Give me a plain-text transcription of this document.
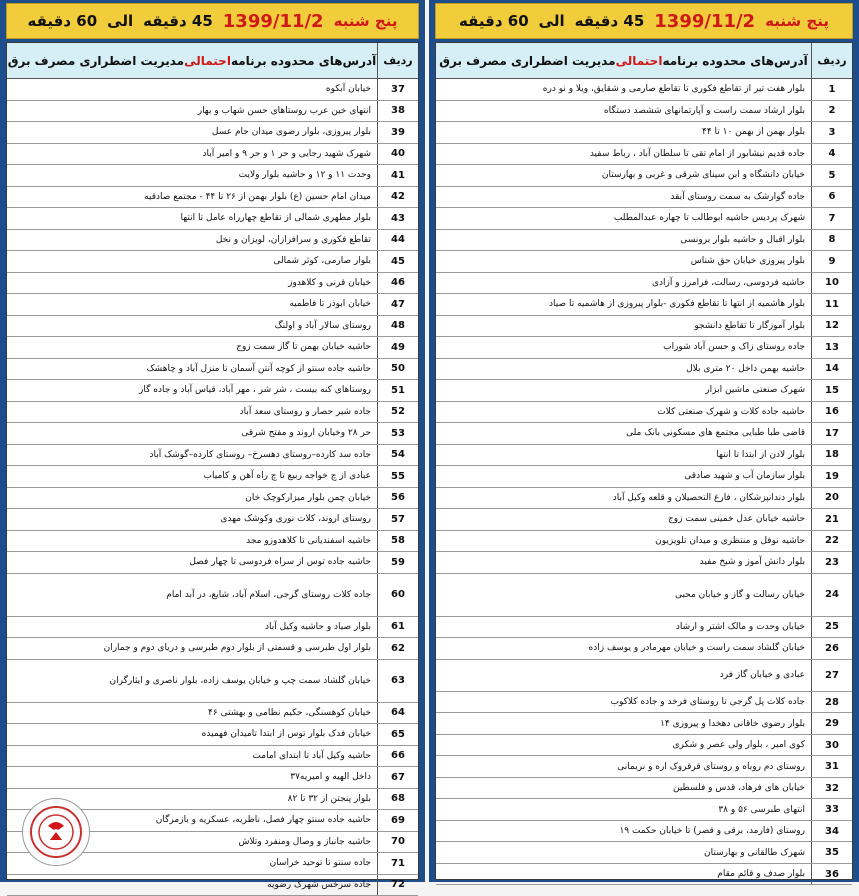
پنج شنبه
1399/11/2
45 دقیقه
الی
60 دقیقه
ردیف
آدرس‌های محدوده برنامه
احتمالی
مدیریت اضطراری مصرف برق
1
بلوار هفت تیر از تقاطع فکوری تا تقاطع صارمی و شقایق، ویلا و نو دره
2
بلوار ارشاد سمت راست و آپارتمانهای ششصد دستگاه
3
بلوار بهمن از بهمن ۱۰ تا ۴۴
4
جاده قدیم نیشابور از امام تقی تا سلطان آباد ، رباط سفید
5
خیابان دانشگاه و ابن سینای شرقی و غربی و بهارستان
6
جاده گوارشک به سمت روستای آبقد
7
شهرک پردیس حاشیه ابوطالب تا چهاره عبدالمطلب
8
بلوار اقبال و حاشیه بلوار برونسی
9
بلوار پیروزی خیابان حق شناس
10
حاشیه فردوسی، رسالت، فرامرز و آزادی
11
بلوار هاشمیه از انتها تا تقاطع فکوری -بلوار پیروزی از هاشمیه تا صیاد
12
بلوار آموزگار تا تقاطع دانشجو
13
جاده روستای زاک و حسن آباد شوراب
14
حاشیه بهمن داخل ۲۰ متری بلال
15
شهرک صنعتی ماشین ابزار
16
حاشیه جاده کلات و شهرک صنعتی کلات
17
قاضی طبا طبایی مجتمع های مسکونی بانک ملی
18
بلوار لادن از ابتدا تا انتها
19
بلوار سازمان آب و شهید صادقی
20
بلوار دندانپزشکان ، فارغ التحصیلان و قلعه وکیل آباد
21
حاشیه خیابان عدل خمینی سمت زوج
22
حاشیه نوفل و منتظری و میدان تلویزیون
23
بلوار دانش آموز و شیخ مفید
24
خیابان رسالت و گاز و خیابان محبی
25
خیابان وحدت و مالک اشتر و ارشاد
26
خیابان گلشاد سمت راست و خیابان مهرمادر و یوسف زاده
27
عبادی و خیابان گاز فرد
28
جاده کلات پل گرجی تا روستای فرخد و جاده کلاکوب
29
بلوار رضوی خاقانی دهخدا و پیروزی ۱۴
30
کوی امیر ، بلوار ولی عصر و شکری
31
روستای دم روباه و روستای قرقروک اره و نریمانی
32
خیابان های فرهاد، قدس و فلسطین
33
انتهای طبرسی ۵۶ و ۳۸
34
روستای (فارمد، برقی و قصر) تا خیابان حکمت ۱۹
35
شهرک طالقانی و بهارستان
36
بلوار صدف و قائم مقام
پنج شنبه
1399/11/2
45 دقیقه
الی
60 دقیقه
ردیف
آدرس‌های محدوده برنامه
احتمالی
مدیریت اضطراری مصرف برق
37
خیابان آبکوه
38
انتهای خین عرب روستاهای حسن شهاب و بهار
39
بلوار پیروزی، بلوار رضوی میدان جام عسل
40
شهرک شهید رجایی و حر ۱ و حر ۹ و امیر آباد
41
وحدت ۱۱ و ۱۲ و حاشیه بلوار ولایت
42
میدان امام حسین (ع) بلوار بهمن از ۲۶ تا ۴۴ - مجتمع صادقیه
43
بلوار مطهری شمالی از تقاطع چهارراه عامل تا انتها
44
تقاطع فکوری و سرافرازان، لویزان و نخل
45
بلوار صارمی، کوثر شمالی
46
خیابان قرنی و کلاهدوز
47
خیابان ابوذر تا فاطمیه
48
روستای سالار آباد و اولنگ
49
حاشیه خیابان بهمن تا گاز سمت زوج
50
حاشیه جاده سنتو از کوچه آنتن آسمان تا منزل آباد و چاهشک
51
روستاهای کنه بیست ، شر شر ، مهر آباد، قیاس آباد و جاده گاز
52
جاده شیر حصار و روستای سعد آباد
53
حر ۲۸ وخیابان اروند و مفتح شرقی
54
جاده سد کارده–روستای دهسرخ– روستای کارده–گوشک آباد
55
عبادی از چ خواجه ربیع تا چ راه آهن و کامیاب
56
خیابان چمن بلوار میزارکوچک خان
57
روستای اروند، کلات نوری وکوشک مهدی
58
حاشیه اسفندیانی تا کلاهدوزو مجد
59
حاشیه جاده توس از سراه فردوسی تا چهار فصل
60
جاده کلات روستای گرجی، اسلام آباد، شایع، در آبد امام
61
بلوار صیاد و حاشیه وکیل آباد
62
بلوار اول طبرسی و قسمتی از بلوار دوم طبرسی و دریای دوم و جماران
63
خیابان گلشاد سمت چپ و خیابان یوسف زاده، بلوار ناصری و ایثارگران
64
خیابان کوهسنگی، حکیم نظامی و بهشتی ۴۶
65
خیابان فدک بلوار توس از ابتدا تامیدان فهمیده
66
حاشیه وکیل آباد تا ابتدای امامت
67
داخل الهیه و امیریه۳۷
68
بلوار پنجتن از ۳۲ تا ۸۲
69
حاشیه جاده سنتو چهار فصل، ناظریه، عسکریه و بازمرگان
70
حاشیه جانباز و وصال ومنفرد وتلاش
71
جاده سنتو تا توحید خراسان
72
جاده سرخس شهرک رضویه
